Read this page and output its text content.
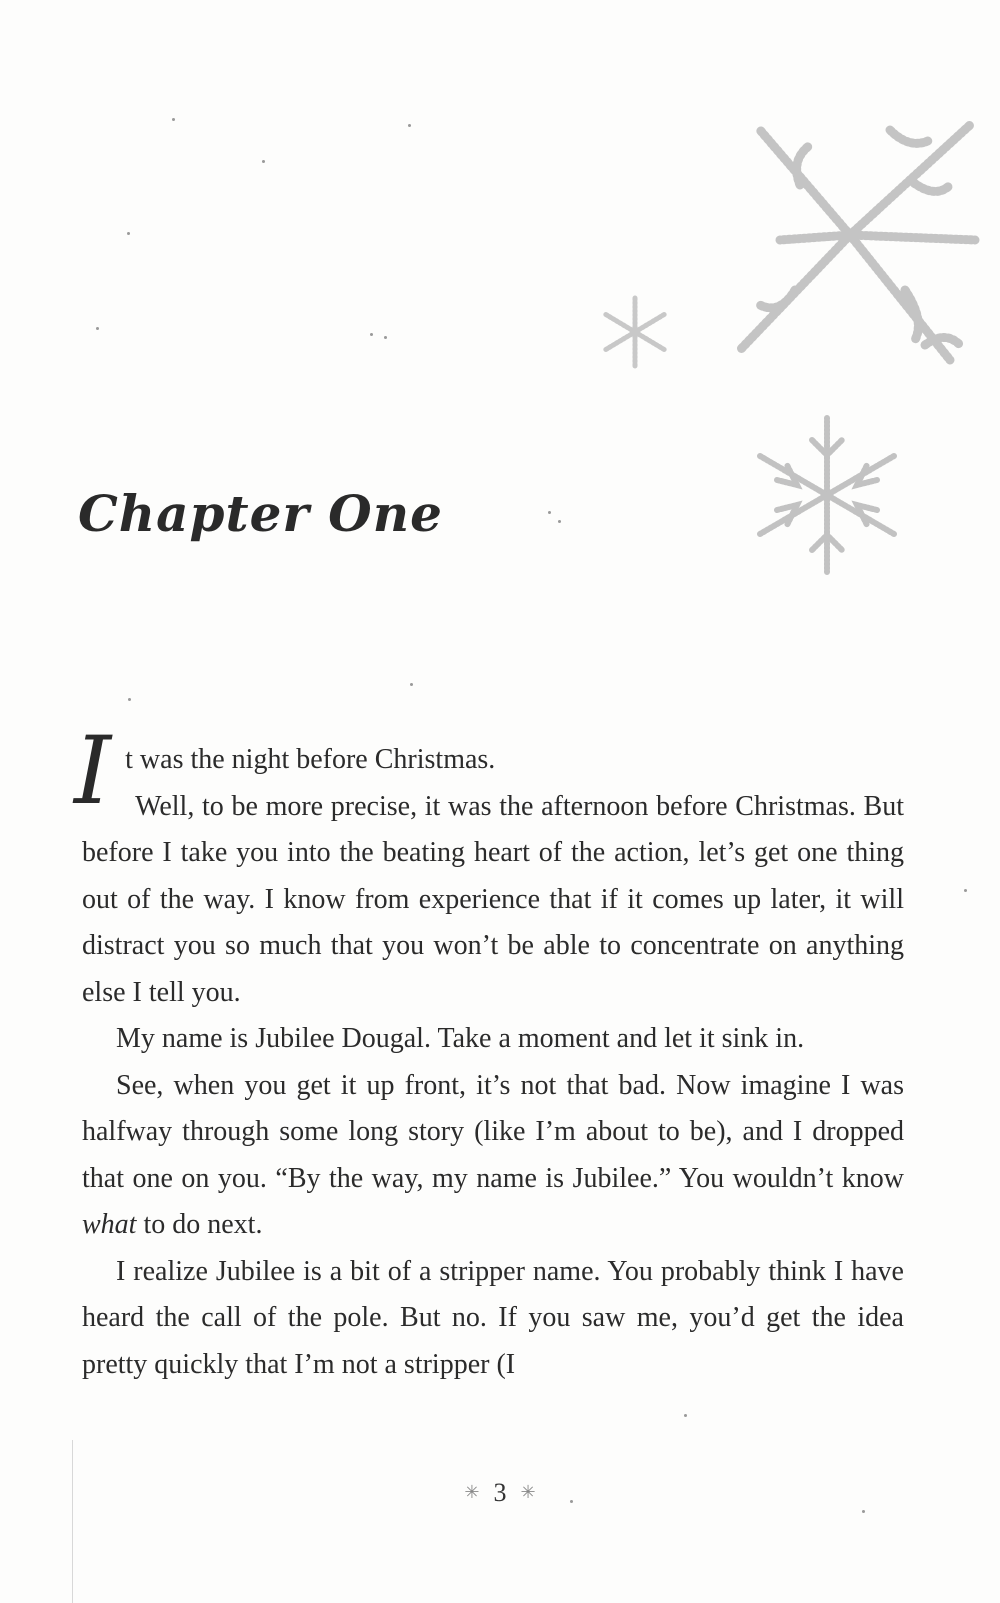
Chapter One

It was the night before Christmas.
Well, to be more precise, it was the afternoon before Christmas. But before I take you into the beating heart of the action, let’s get one thing out of the way. I know from experience that if it comes up later, it will distract you so much that you won’t be able to concentrate on anything else I tell you.

My name is Jubilee Dougal. Take a moment and let it sink in.

See, when you get it up front, it’s not that bad. Now imagine I was halfway through some long story (like I’m about to be), and I dropped that one on you. “By the way, my name is Jubilee.” You wouldn’t know what to do next.

I realize Jubilee is a bit of a stripper name. You probably think I have heard the call of the pole. But no. If you saw me, you’d get the idea pretty quickly that I’m not a stripper (I

✳ 3 ✳
